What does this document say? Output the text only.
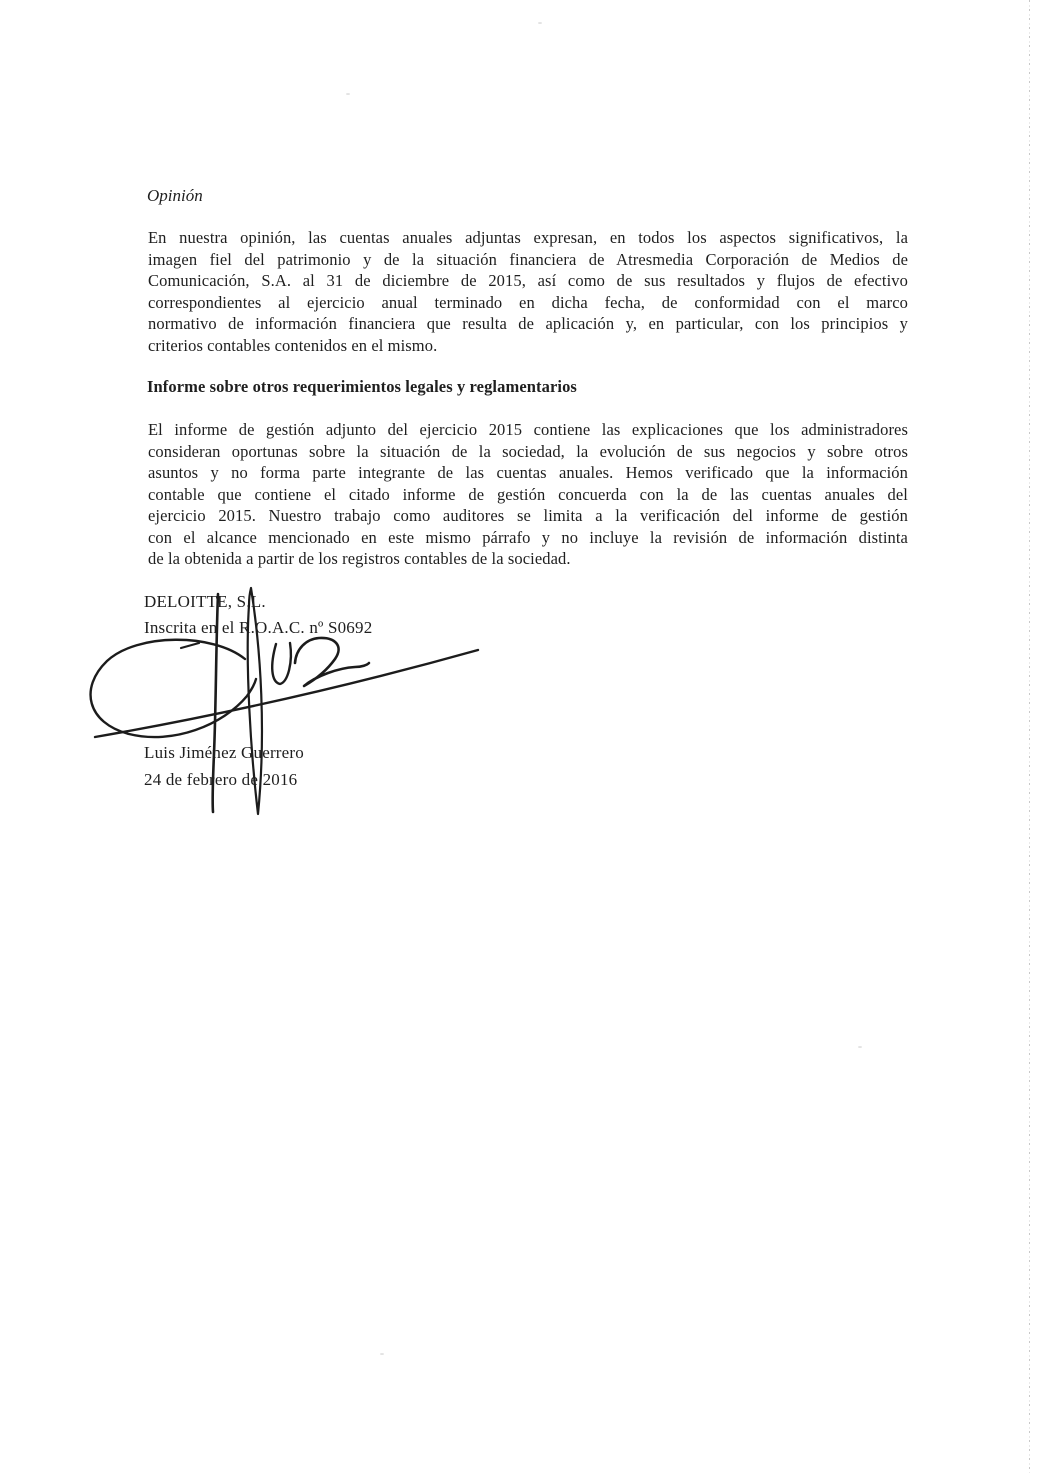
Opinión
En nuestra opinión, las cuentas anuales adjuntas expresan, en todos los aspectos significativos, la
imagen fiel del patrimonio y de la situación financiera de Atresmedia Corporación de Medios de
Comunicación, S.A. al 31 de diciembre de 2015, así como de sus resultados y flujos de efectivo
correspondientes al ejercicio anual terminado en dicha fecha, de conformidad con el marco
normativo de información financiera que resulta de aplicación y, en particular, con los principios y
criterios contables contenidos en el mismo.
Informe sobre otros requerimientos legales y reglamentarios
El informe de gestión adjunto del ejercicio 2015 contiene las explicaciones que los administradores
consideran oportunas sobre la situación de la sociedad, la evolución de sus negocios y sobre otros
asuntos y no forma parte integrante de las cuentas anuales. Hemos verificado que la información
contable que contiene el citado informe de gestión concuerda con la de las cuentas anuales del
ejercicio 2015. Nuestro trabajo como auditores se limita a la verificación del informe de gestión
con el alcance mencionado en este mismo párrafo y no incluye la revisión de información distinta
de la obtenida a partir de los registros contables de la sociedad.
DELOITTE, S.L.
Inscrita en el R.O.A.C. nº S0692
Luis Jiménez Guerrero
24 de febrero de 2016
